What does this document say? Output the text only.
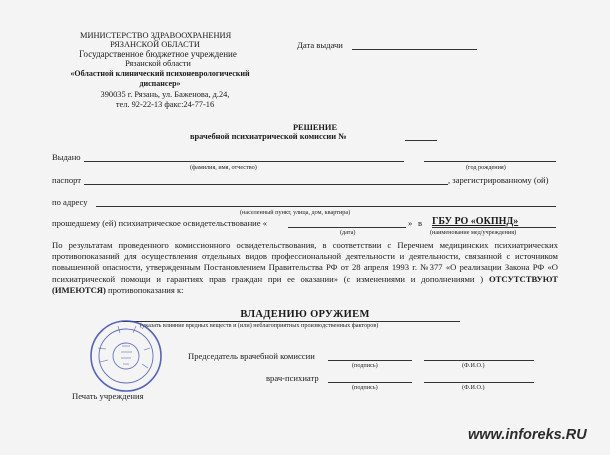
МИНИСТЕРСТВО ЗДРАВООХРАНЕНИЯ
РЯЗАНСКОЙ ОБЛАСТИ
Государственное бюджетное учреждение
Рязанской области
«Областной клинический психоневрологический
диспансер»
390035 г. Рязань, ул. Баженова, д.24,
тел. 92-22-13 факс:24-77-16
Дата выдачи
РЕШЕНИЕ
врачебной психиатрической комиссии №
Выдано
(фамилия, имя, отчество)	(год рождения)
паспорт	, зарегистрированному (ой)
по адресу
(населенный пункт, улица, дом, квартира)
прошедшему (ей) психиатрическое освидетельствование «	» в ГБУ РО «ОКПНД»
(дата)	(наименование мед/учреждения)
По результатам проведенного комиссионного освидетельствования, в соответствии с Перечнем медицинских психиатрических противопоказаний для осуществления отдельных видов профессиональной деятельности и деятельности, связанной с источником повышенной опасности, утвержденным Постановлением Правительства РФ от 28 апреля 1993 г. №377 «О реализации Закона РФ «О психиатрической помощи и гарантиях прав граждан при ее оказании» (с изменениями и дополнениями ) ОТСУТСТВУЮТ (ИМЕЮТСЯ) противопоказания к:
ВЛАДЕНИЮ ОРУЖИЕМ
(указать влияние вредных веществ и (или) неблагоприятных производственных факторов)
Председатель врачебной комиссии
(подпись)	(Ф.И.О.)
врач-психиатр
(подпись)	(Ф.И.О.)
Печать учреждения
www.inforeks.RU
